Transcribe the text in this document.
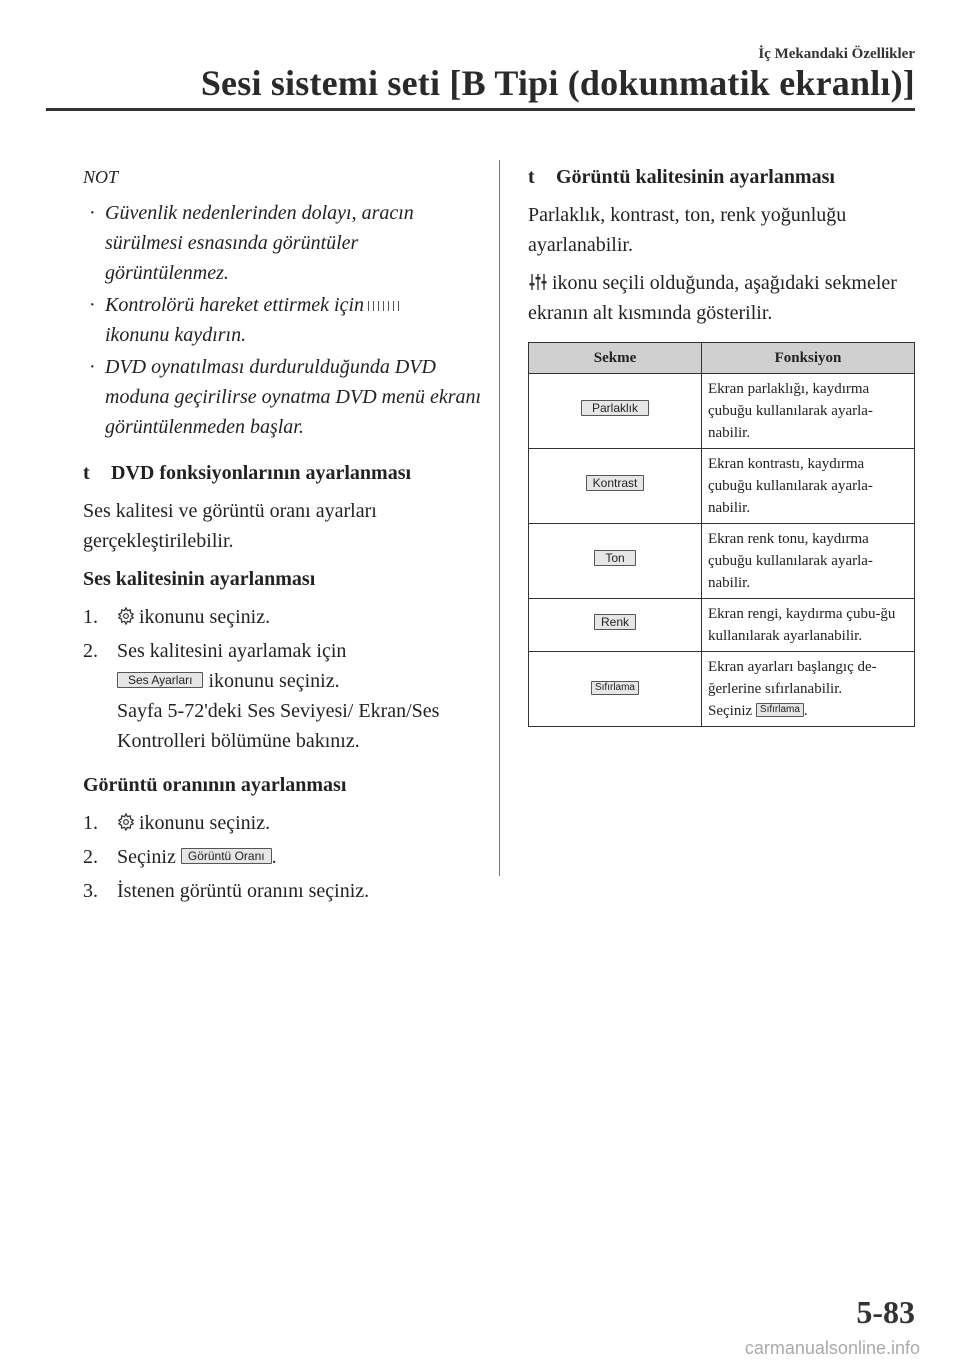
İç Mekandaki Özellikler
Sesi sistemi seti [B Tipi (dokunmatik ekranlı)]
NOT
· Güvenlik nedenlerinden dolayı, aracın sürülmesi esnasında görüntüler görüntülenmez.
· Kontrolörü hareket ettirmek için
ikonunu kaydırın.
· DVD oynatılması durdurulduğunda DVD moduna geçirilirse oynatma DVD menü ekranı görüntülenmeden başlar.
t DVD fonksiyonlarının ayarlanması
Ses kalitesi ve görüntü oranı ayarları gerçekleştirilebilir.
Ses kalitesinin ayarlanması
1. ikonunu seçiniz.
2. Ses kalitesini ayarlamak için
Ses Ayarları ikonunu seçiniz.
Sayfa 5-72'deki Ses Seviyesi/ Ekran/Ses Kontrolleri bölümüne bakınız.
Görüntü oranının ayarlanması
1. ikonunu seçiniz.
2. Seçiniz Görüntü Oranı .
3. İstenen görüntü oranını seçiniz.
t Görüntü kalitesinin ayarlanması
Parlaklık, kontrast, ton, renk yoğunluğu ayarlanabilir.
ikonu seçili olduğunda, aşağıdaki sekmeler ekranın alt kısmında gösterilir.
Sekme	Fonksiyon
Parlaklık	Ekran parlaklığı, kaydırma çubuğu kullanılarak ayarla-nabilir.
Kontrast	Ekran kontrastı, kaydırma çubuğu kullanılarak ayarla-nabilir.
Ton	Ekran renk tonu, kaydırma çubuğu kullanılarak ayarla-nabilir.
Renk	Ekran rengi, kaydırma çubu-ğu kullanılarak ayarlanabilir.
Sıfırlama	Ekran ayarları başlangıç de-ğerlerine sıfırlanabilir.
Seçiniz Sıfırlama .
5-83
carmanualsonline.info
